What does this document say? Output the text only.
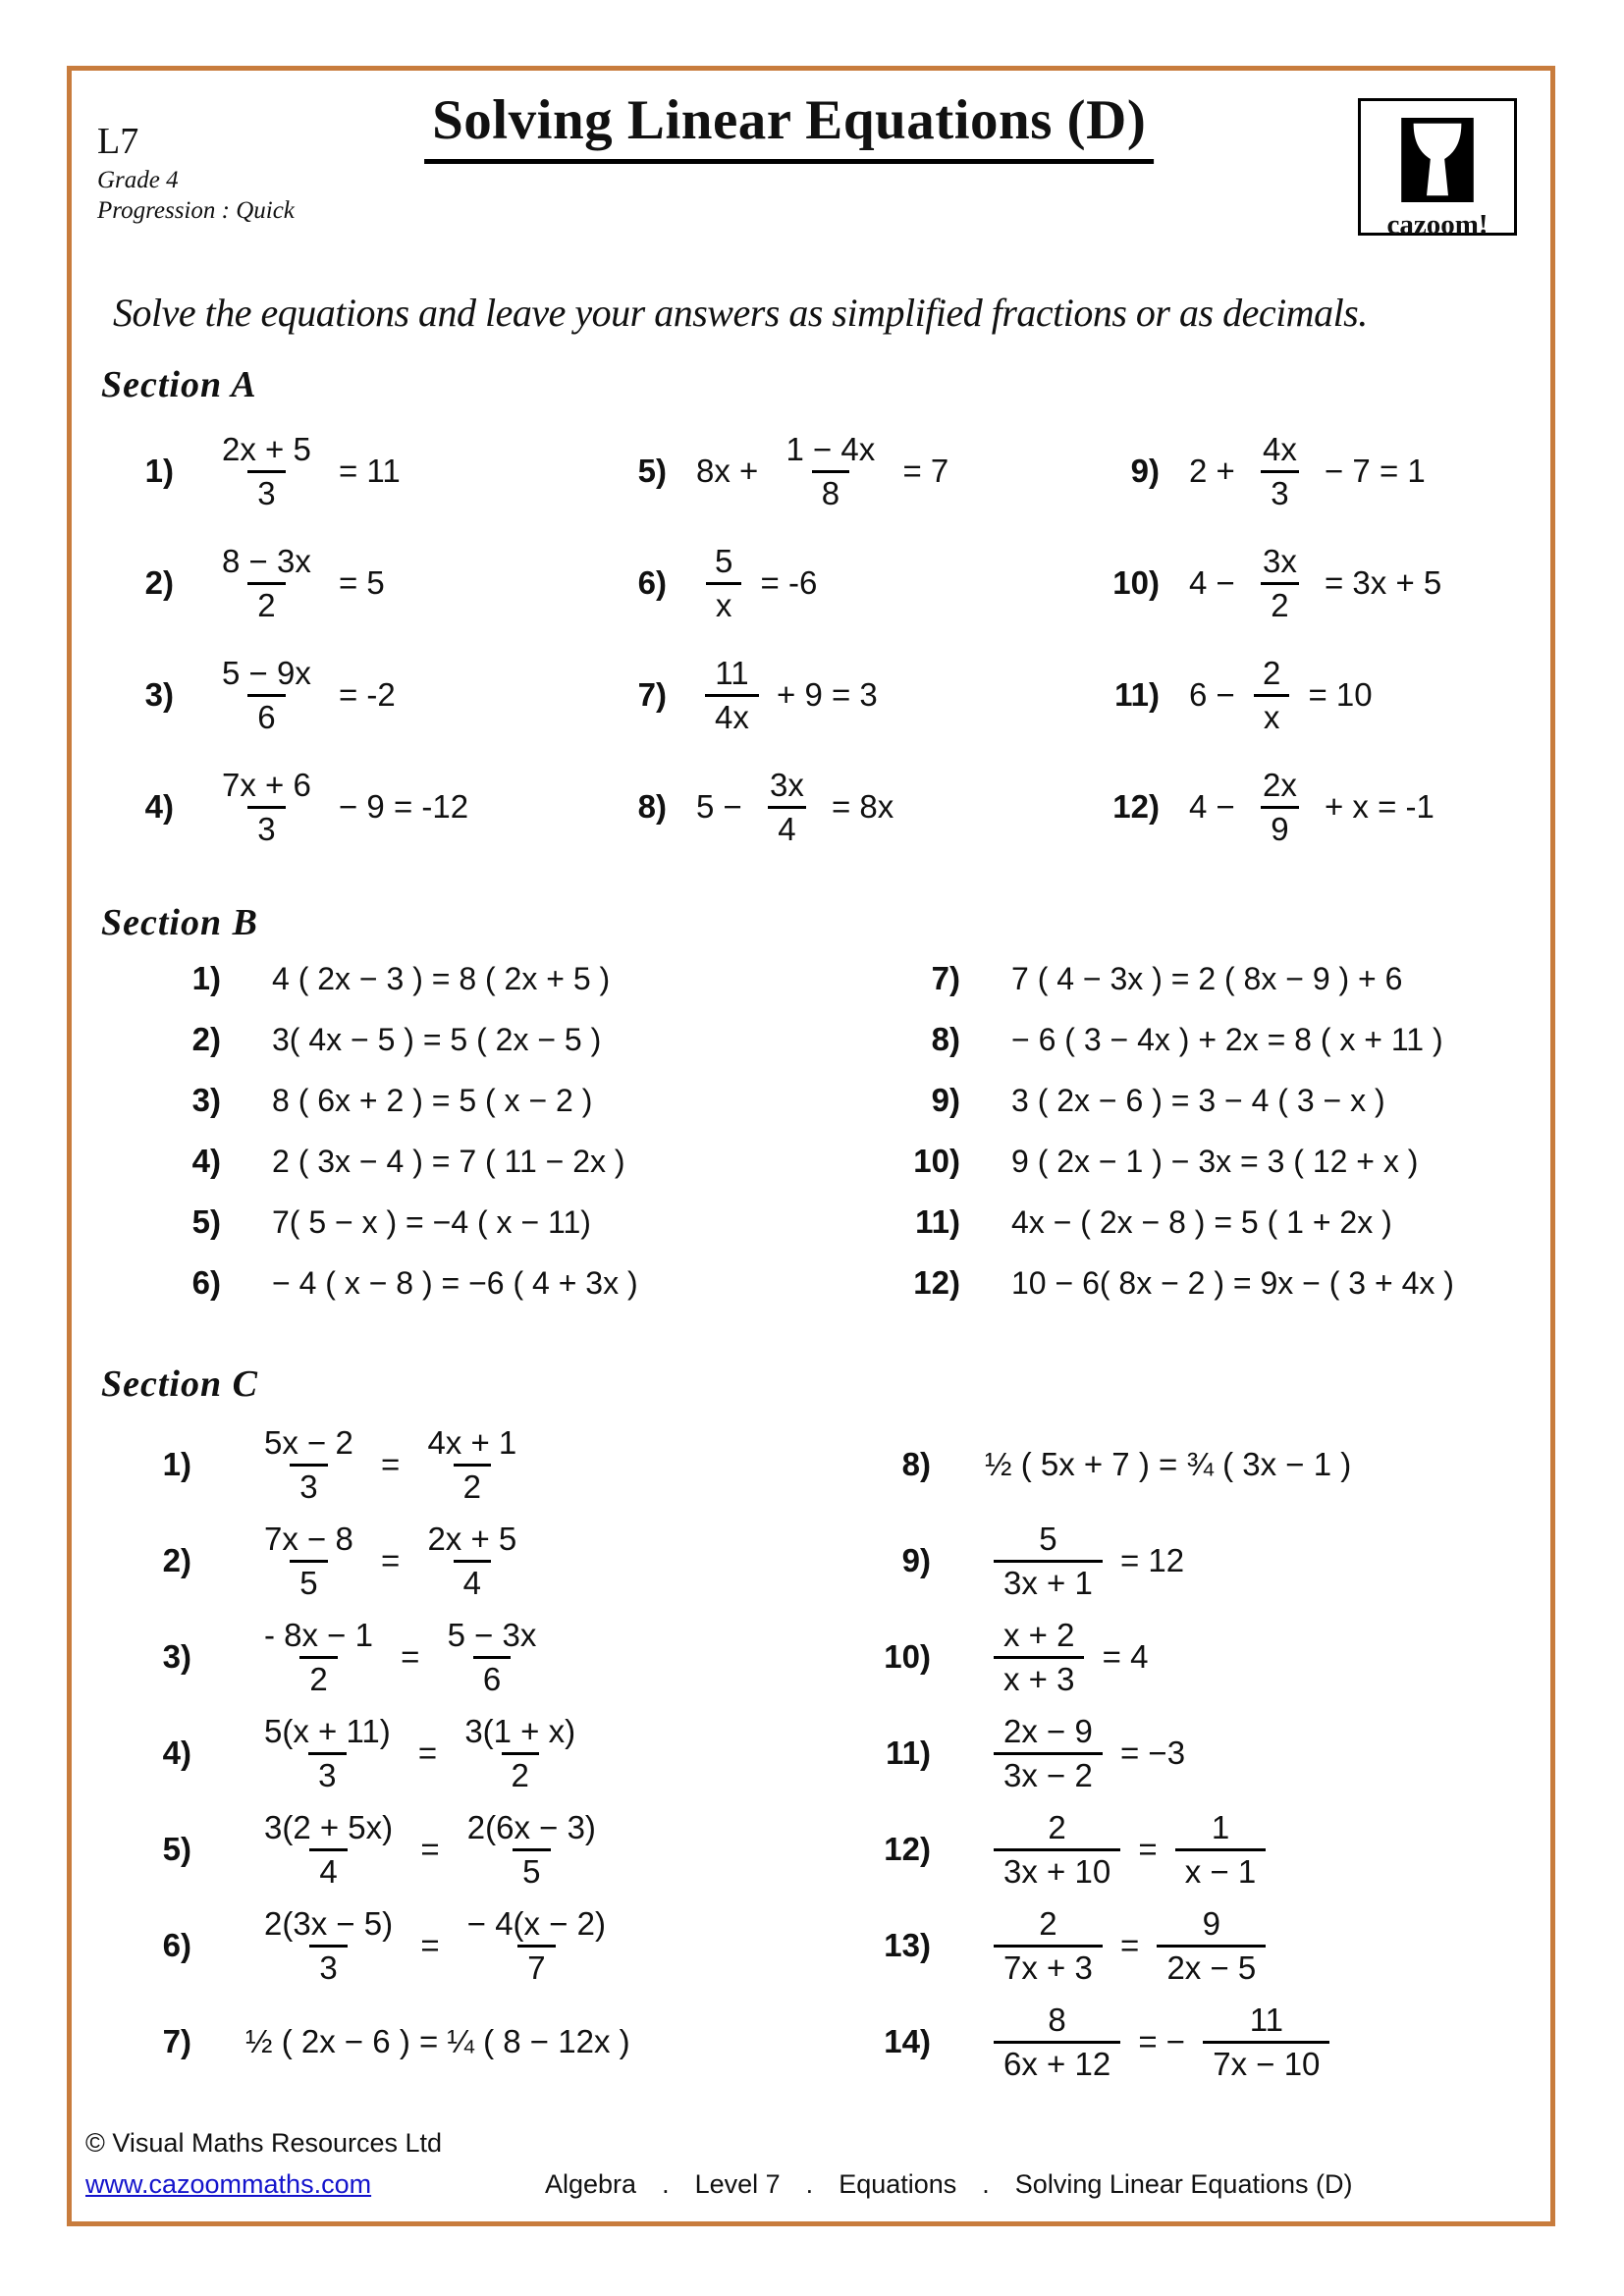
L7
Grade 4
Progression : Quick
Solving Linear Equations (D)
cazoom!

Solve the equations and leave your answers as simplified fractions or as decimals.

Section A
$1) \frac{2x + 5}{3} = 11$
$2) \frac{8 - 3x}{2} = 5$
$3) \frac{5 - 9x}{6} = -2$
$4) \frac{7x + 6}{3} - 9 = -12$
5) $8x + \frac{1 - 4x}{8} = 7$
$6) \frac{5}{x} = -6$
$7) \frac{11}{4x} + 9 = 3$
8) $5 - \frac{3x}{4} = 8x$
9) $2 + \frac{4x}{3} - 7 = 1$
10) $4 - \frac{3x}{2} = 3x + 5$
11) $6 - \frac{2}{x} = 10$
12) $4 - \frac{2x}{9} + x = -1$
Section B
1) 4 ( 2x − 3 ) = 8 ( 2x + 5 )
2) 3( 4x − 5 ) = 5 ( 2x − 5 )
3) 8 ( 6x + 2 ) = 5 ( x − 2 )
4) 2 ( 3x − 4 ) = 7 ( 11 − 2x )
5) 7( 5 − x ) = −4 ( x − 11)
6) − 4 ( x − 8 ) = −6 ( 4 + 3x )
7) 7 ( 4 − 3x ) = 2 ( 8x − 9 ) + 6
8) − 6 ( 3 − 4x ) + 2x = 8 ( x + 11 )
9) 3 ( 2x − 6 ) = 3 − 4 ( 3 − x )
10) 9 ( 2x − 1 ) − 3x = 3 ( 12 + x )
11) 4x − ( 2x − 8 ) = 5 ( 1 + 2x )
12) 10 − 6( 8x − 2 ) = 9x − ( 3 + 4x )
Section C
$1) \frac{5x - 2}{3} = \frac{4x + 1}{2}$
$2) \frac{7x - 8}{5} = \frac{2x + 5}{4}$
$3) \frac{- 8x - 1}{2} = \frac{5 - 3x}{6}$
$4) \frac{5(x + 11)}{3} = \frac{3(1 + x)}{2}$
$5) \frac{3(2 + 5x)}{4} = \frac{2(6x - 3)}{5}$
$6) \frac{2(3x - 5)}{3} = \frac{- 4(x - 2)}{7}$
7) ½ ( 2x − 6 ) = ¼ ( 8 − 12x )
8) ½ ( 5x + 7 ) = ¾ ( 3x − 1 )
$9) \frac{5}{3x + 1} = 12$
$10) \frac{x + 2}{x + 3} = 4$
$11) \frac{2x - 9}{3x - 2} = -3$
$12) \frac{2}{3x + 10} = \frac{1}{x - 1}$
$13) \frac{2}{7x + 3} = \frac{9}{2x - 5}$
$14) \frac{8}{6x + 12}$ = − $\frac{11}{7x - 10}$
© Visual Maths Resources Ltd
www.cazoommaths.com	Algebra . Level 7 . Equations . Solving Linear Equations (D)
